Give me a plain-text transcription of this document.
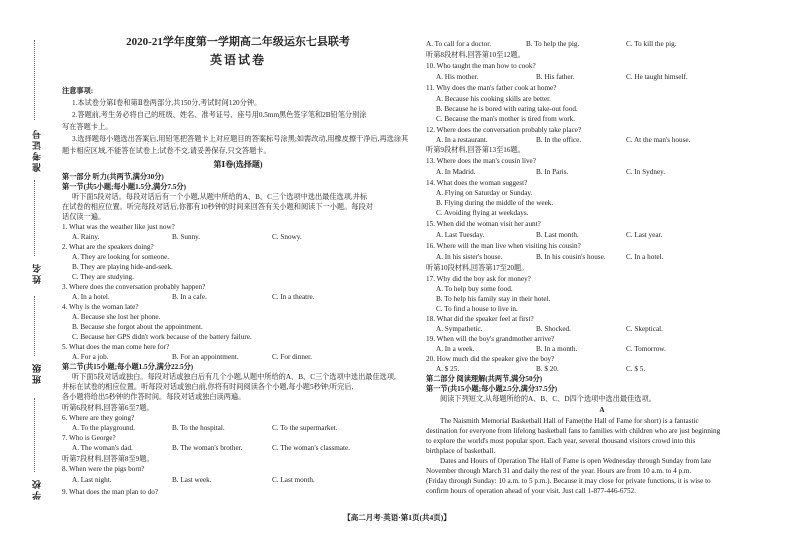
准考证号
姓名
班级
学校
2020-21学年度第一学期高二年级运东七县联考
英语试卷
注意事项:
1.本试卷分第Ⅰ卷和第Ⅱ卷两部分,共150分,考试时间120分钟。
2.答题前,考生务必将自己的班级、姓名、准考证号、座号用0.5mm黑色签字笔和2B铅笔分别涂
写在答题卡上。
3.选择题每小题选出答案后,用铅笔把答题卡上对应题目的答案标号涂黑;如需改动,用橡皮擦干净后,再选涂其
题卡相应区域,不能答在试卷上;试卷不交,请妥善保存,只交答题卡。
第Ⅰ卷(选择题)
第一部分 听力(共两节,满分30分)
第一节(共5小题;每小题1.5分,满分7.5分)
听下面5段对话。每段对话后有一个小题,从题中所给的A、B、C三个选项中选出最佳选项,并标
在试卷的相应位置。听完每段对话后,你都有10秒钟的时间来回答有关小题和阅读下一小题。每段对
话仅读一遍。
1. What was the weather like just now?
A. Rainy.	B. Sunny.	C. Snowy.
2. What are the speakers doing?
A. They are looking for someone.
B. They are playing hide-and-seek.
C. They are studying.
3. Where does the conversation probably happen?
A. In a hotel.	B. In a cafe.	C. In a theatre.
4. Why is the woman late?
A. Because she lost her phone.
B. Because she forgot about the appointment.
C. Because her GPS didn't work because of the battery failure.
5. What does the man come here for?
A. For a job.	B. For an appointment.	C. For dinner.
第二节(共15小题;每小题1.5分,满分22.5分)
听下面5段对话或独白。每段对话或独白后有几个小题,从题中所给的A、B、C三个选项中选出最佳选项,
并标在试卷的相应位置。听每段对话或独白前,你将有时间阅读各个小题,每小题5秒钟;听完后,
各小题将给出5秒钟的作答时间。每段对话或独白读两遍。
听第6段材料,回答第6至7题。
6. Where are they going?
A. To the playground.	B. To the hospital.	C. To the supermarket.
7. Who is George?
A. The woman's dad.	B. The woman's brother.	C. The woman's classmate.
听第7段材料,回答第8至9题。
8. When were the pigs born?
A. Last night.	B. Last week.	C. Last month.
9. What does the man plan to do?
A. To call for a doctor.	B. To help the pig.	C. To kill the pig.
听第8段材料,回答第10至12题。
10. Who taught the man how to cook?
A. His mother.	B. His father.	C. He taught himself.
11. Why does the man's father cook at home?
A. Because his cooking skills are better.
B. Because he is bored with eating take-out food.
C. Because the man's mother is tired from work.
12. Where does the conversation probably take place?
A. In a restaurant.	B. In the office.	C. At the man's house.
听第9段材料,回答第13至16题。
13. Where does the man's cousin live?
A. In Madrid.	B. In Paris.	C. In Sydney.
14. What does the woman suggest?
A. Flying on Saturday or Sunday.
B. Flying during the middle of the week.
C. Avoiding flying at weekdays.
15. When did the woman visit her aunt?
A. Last Tuesday.	B. Last month.	C. Last year.
16. Where will the man live when visiting his cousin?
A. In his sister's house.	B. In his cousin's house.	C. In a hotel.
听第10段材料,回答第17至20题。
17. Why did the boy ask for money?
A. To help buy some food.
B. To help his family stay in their hotel.
C. To find a house to live in.
18. What did the speaker feel at first?
A. Sympathetic.	B. Shocked.	C. Skeptical.
19. When will the boy's grandmother arrive?
A. In a week.	B. In a month.	C. Tomorrow.
20. How much did the speaker give the boy?
A. $ 25.	B. $ 20.	C. $ 5.
第二部分 阅读理解(共两节,满分50分)
第一节(共15小题;每小题2.5分,满分37.5分)
阅读下列短文,从每题所给的A、B、C、D四个选项中选出最佳选项。
A
The Naismith Memorial Basketball Hall of Fame(the Hall of Fame for short) is a fantastic
destination for everyone from lifelong basketball fans to families with children who are just beginning
to explore the world's most popular sport. Each year, several thousand visitors crowd into this
birthplace of basketball.
Dates and Hours of Operation The Hall of Fame is open Wednesday through Sunday from late
November through March 31 and daily the rest of the year. Hours are from 10 a.m. to 4 p.m.
(Friday through Sunday: 10 a.m. to 5 p.m.). Because it may close for private functions, it is wise to
confirm hours of operation ahead of your visit. Just call 1-877-446-6752.
【高二月考·英语·第1页(共4页)】
